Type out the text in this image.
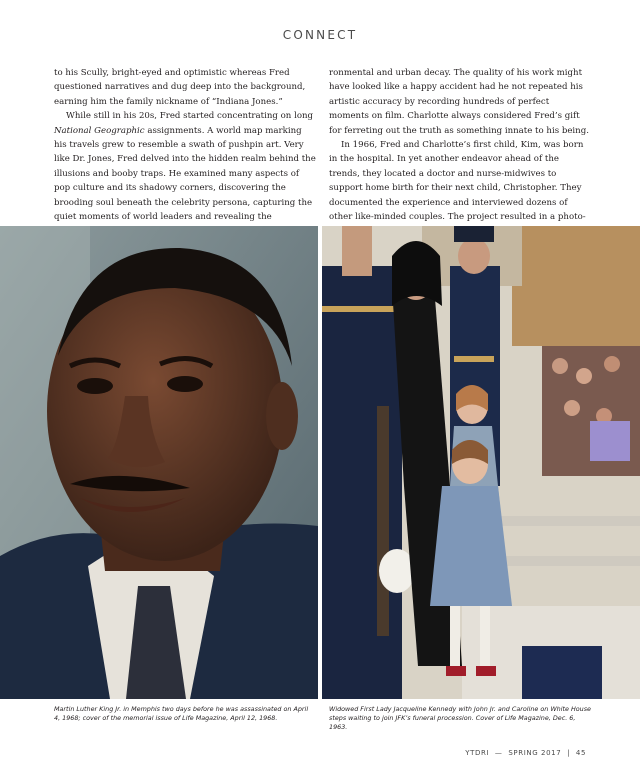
CONNECT

to his Scully, bright-eyed and optimistic whereas Fred questioned narratives and dug deep into the background, earning him the family nickname of “Indiana Jones.”

While still in his 20s, Fred started concentrating on long National Geographic assignments. A world map marking his travels grew to resemble a swath of pushpin art. Very like Dr. Jones, Fred delved into the hidden realm behind the illusions and booby traps. He examined many aspects of pop culture and its shadowy corners, discovering the brooding soul beneath the celebrity persona, capturing the quiet moments of world leaders and revealing the

ronmental and urban decay. The quality of his work might have looked like a happy accident had he not repeated his artistic accuracy by recording hundreds of perfect moments on film. Charlotte always considered Fred’s gift for ferreting out the truth as something innate to his being.

In 1966, Fred and Charlotte’s first child, Kim, was born in the hospital. In yet another endeavor ahead of the trends, they located a doctor and nurse-midwives to support home birth for their next child, Christopher. They documented the experience and interviewed dozens of other like-minded couples. The project resulted in a photo-

Martin Luther King Jr. in Memphis two days before he was assassinated on April 4, 1968; cover of the memorial issue of Life Magazine, April 12, 1968.
Widowed First Lady Jacqueline Kennedy with John Jr. and Caroline on White House steps waiting to join JFK’s funeral procession. Cover of Life Magazine, Dec. 6, 1963.
YTDRI — SPRING 2017 | 45
